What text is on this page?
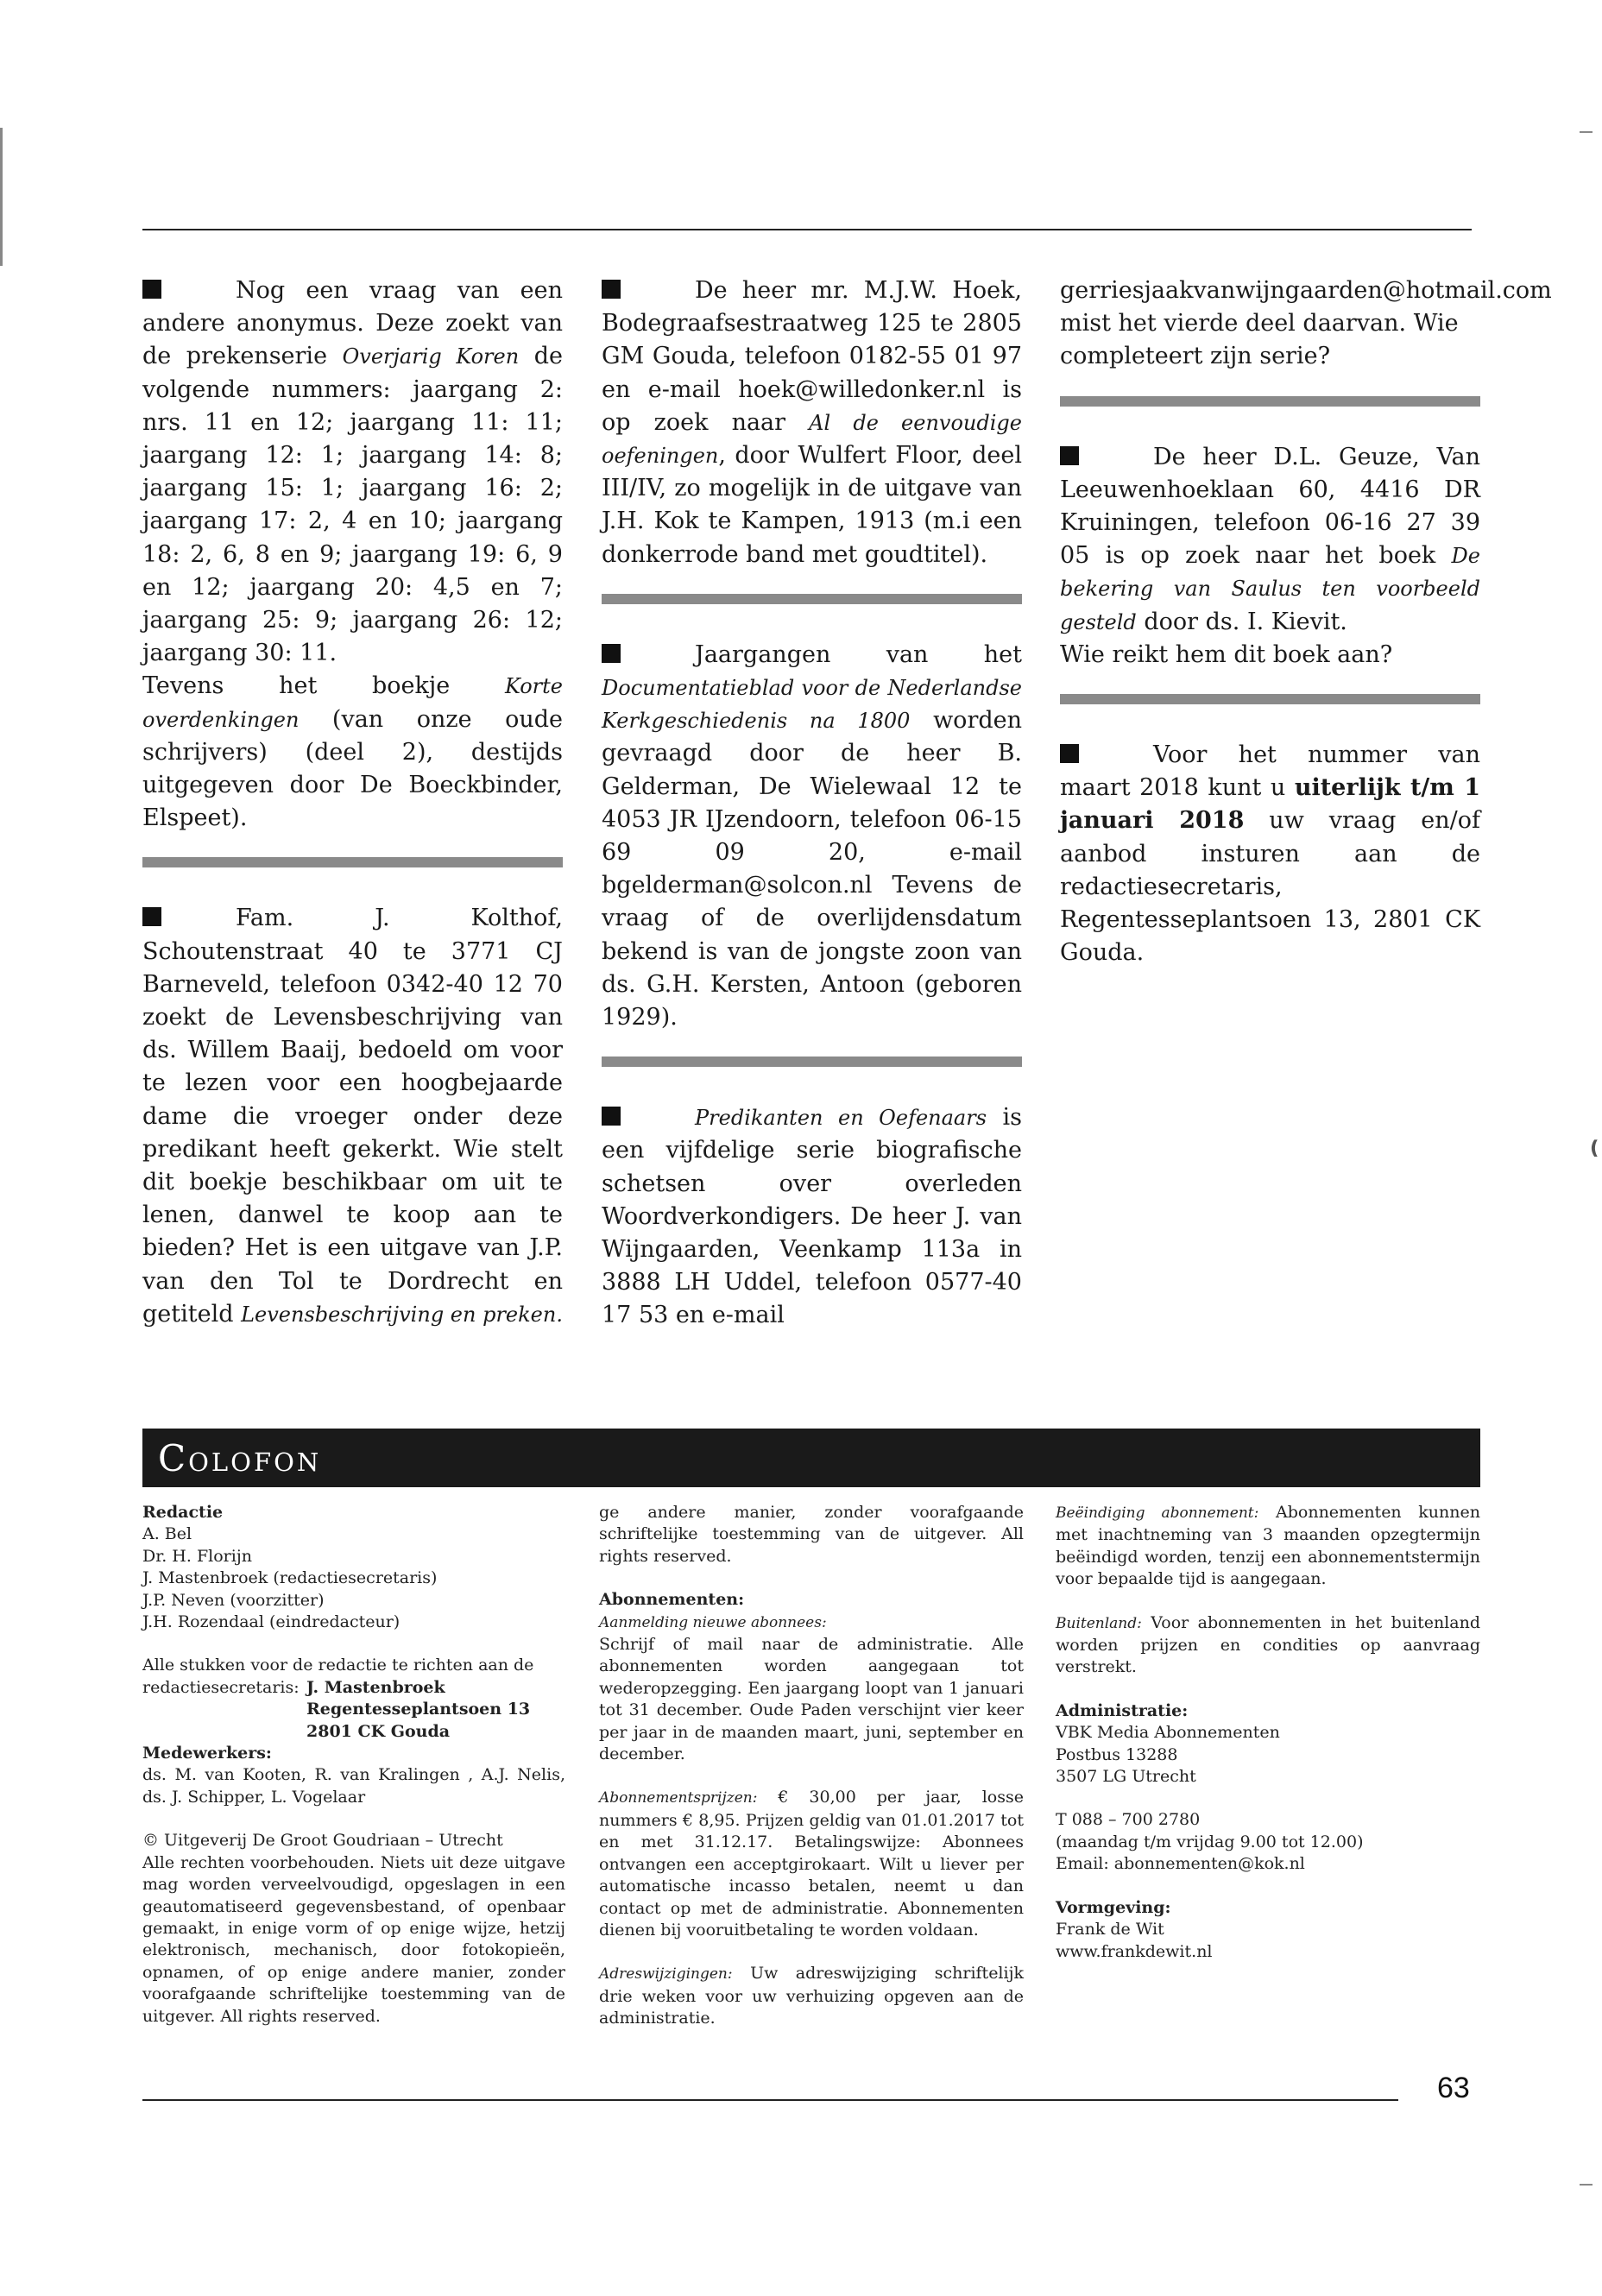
❪

Nog een vraag van een andere anonymus. Deze zoekt van de prekenserie Overjarig Koren de volgende nummers: jaargang 2: nrs. 11 en 12; jaargang 11: 11; jaargang 12: 1; jaargang 14: 8; jaargang 15: 1; jaargang 16: 2; jaargang 17: 2, 4 en 10; jaargang 18: 2, 6, 8 en 9; jaargang 19: 6, 9 en 12; jaargang 20: 4,5 en 7; jaargang 25: 9; jaargang 26: 12; jaargang 30: 11.
Tevens het boekje Korte overdenkingen (van onze oude schrijvers) (deel 2), destijds uitgegeven door De Boeckbinder, Elspeet).

Fam. J. Kolthof, Schoutenstraat 40 te 3771 CJ Barneveld, telefoon 0342-40 12 70 zoekt de Levensbeschrijving van ds. Willem Baaij, bedoeld om voor te lezen voor een hoogbejaarde dame die vroeger onder deze predikant heeft gekerkt. Wie stelt dit boekje beschikbaar om uit te lenen, danwel te koop aan te bieden? Het is een uitgave van J.P. van den Tol te Dordrecht en getiteld Levensbeschrijving en preken.

De heer mr. M.J.W. Hoek, Bodegraafsestraatweg 125 te 2805 GM Gouda, telefoon 0182-55 01 97 en e-mail hoek@willedonker.nl is op zoek naar Al de eenvoudige oefeningen, door Wulfert Floor, deel III/IV, zo mogelijk in de uitgave van J.H. Kok te Kampen, 1913 (m.i een donkerrode band met goudtitel).

Jaargangen van het Documentatieblad voor de Nederlandse Kerkgeschiedenis na 1800 worden gevraagd door de heer B. Gelderman, De Wielewaal 12 te 4053 JR IJzendoorn, telefoon 06-15 69 09 20, e-mail bgelderman@solcon.nl Tevens de vraag of de overlijdensdatum bekend is van de jongste zoon van ds. G.H. Kersten, Antoon (geboren 1929).

Predikanten en Oefenaars is een vijfdelige serie biografische schetsen over overleden Woordverkondigers. De heer J. van Wijngaarden, Veenkamp 113a in 3888 LH Uddel, telefoon 0577-40 17 53 en e-mail

gerriesjaakvanwijngaarden@hotmail.com mist het vierde deel daarvan. Wie completeert zijn serie?

De heer D.L. Geuze, Van Leeuwenhoeklaan 60, 4416 DR Kruiningen, telefoon 06-16 27 39 05 is op zoek naar het boek De bekering van Saulus ten voorbeeld gesteld door ds. I. Kievit.
Wie reikt hem dit boek aan?

Voor het nummer van maart 2018 kunt u uiterlijk t/m 1 januari 2018 uw vraag en/of aanbod insturen aan de redactiesecretaris, Regentesseplantsoen 13, 2801 CK Gouda.

Colofon

Redactie

A. Bel

Dr. H. Florijn

J. Mastenbroek (redactiesecretaris)

J.P. Neven (voorzitter)

J.H. Rozendaal (eindredacteur)

Alle stukken voor de redactie te richten aan de

redactiesecretaris: J. Mastenbroek

Regentesseplantsoen 13

2801 CK Gouda

Medewerkers:

ds. M. van Kooten, R. van Kralingen , A.J. Nelis, ds. J. Schipper, L. Vogelaar

© Uitgeverij De Groot Goudriaan – Utrecht

Alle rechten voorbehouden. Niets uit deze uitgave mag worden verveelvoudigd, opgeslagen in een geautomatiseerd gegevensbestand, of openbaar gemaakt, in enige vorm of op enige wijze, hetzij elektronisch, mechanisch, door fotokopieën, opnamen, of op enige andere manier, zonder voorafgaande schriftelijke toestemming van de uitgever. All rights reserved.

ge andere manier, zonder voorafgaande schriftelijke toestemming van de uitgever. All rights reserved.

Abonnementen:

Aanmelding nieuwe abonnees:

Schrijf of mail naar de administratie. Alle abonnementen worden aangegaan tot wederopzegging. Een jaargang loopt van 1 januari tot 31 december. Oude Paden verschijnt vier keer per jaar in de maanden maart, juni, september en december.

Abonnementsprijzen: € 30,00 per jaar, losse nummers € 8,95. Prijzen geldig van 01.01.2017 tot en met 31.12.17. Betalingswijze: Abonnees ontvangen een acceptgirokaart. Wilt u liever per automatische incasso betalen, neemt u dan contact op met de administratie. Abonnementen dienen bij vooruitbetaling te worden voldaan.

Adreswijzigingen: Uw adreswijziging schriftelijk drie weken voor uw verhuizing opgeven aan de administratie.

Beëindiging abonnement: Abonnementen kunnen met inachtneming van 3 maanden opzegtermijn beëindigd worden, tenzij een abonnementstermijn voor bepaalde tijd is aangegaan.

Buitenland: Voor abonnementen in het buitenland worden prijzen en condities op aanvraag verstrekt.

Administratie:

VBK Media Abonnementen

Postbus 13288

3507 LG Utrecht

T 088 – 700 2780

(maandag t/m vrijdag 9.00 tot 12.00)

Email: abonnementen@kok.nl

Vormgeving:

Frank de Wit

www.frankdewit.nl

63
